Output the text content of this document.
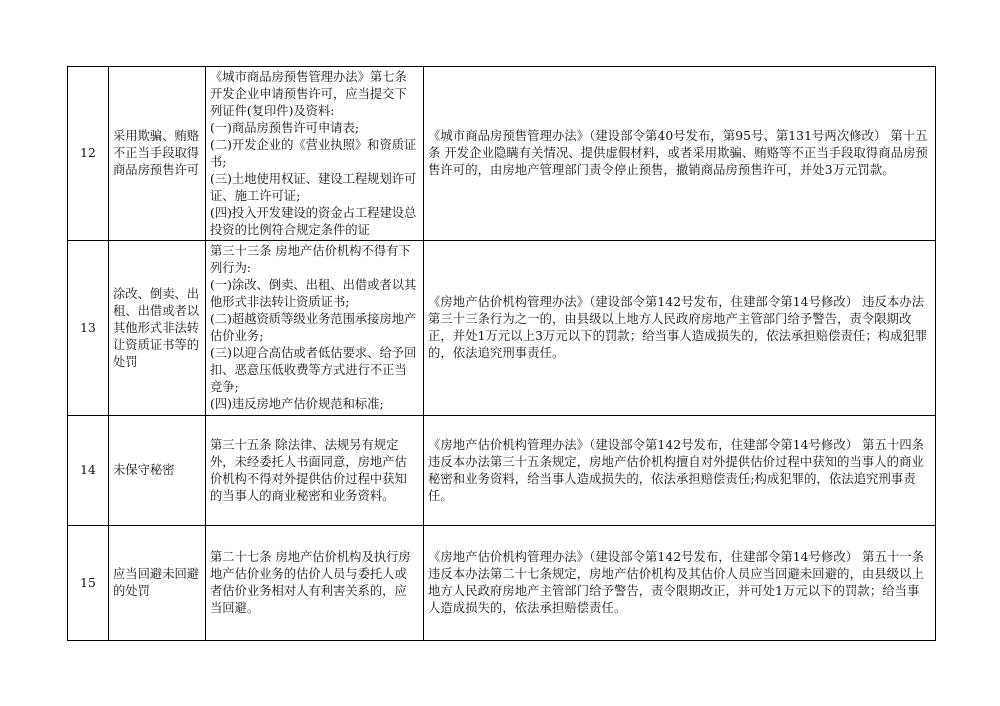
12	采用欺骗、贿赂不正当手段取得商品房预售许可	《城市商品房预售管理办法》第七条 开发企业申请预售许可，应当提交下列证件(复印件)及资料:
(一)商品房预售许可申请表;
(二)开发企业的《营业执照》和资质证书;
(三)土地使用权证、建设工程规划许可证、施工许可证;
(四)投入开发建设的资金占工程建设总投资的比例符合规定条件的证	《城市商品房预售管理办法》（建设部令第40号发布，第95号、第131号两次修改） 第十五条 开发企业隐瞒有关情况、提供虚假材料，或者采用欺骗、贿赂等不正当手段取得商品房预售许可的，由房地产管理部门责令停止预售，撤销商品房预售许可，并处3万元罚款。
13	涂改、倒卖、出租、出借或者以其他形式非法转让资质证书等的处罚	第三十三条 房地产估价机构不得有下列行为:
(一)涂改、倒卖、出租、出借或者以其他形式非法转让资质证书;
(二)超越资质等级业务范围承接房地产估价业务;
(三)以迎合高估或者低估要求、给予回扣、恶意压低收费等方式进行不正当竞争;
(四)违反房地产估价规范和标准;	《房地产估价机构管理办法》（建设部令第142号发布，住建部令第14号修改） 违反本办法第三十三条行为之一的，由县级以上地方人民政府房地产主管部门给予警告，责令限期改正，并处1万元以上3万元以下的罚款；给当事人造成损失的，依法承担赔偿责任；构成犯罪的，依法追究刑事责任。
14	未保守秘密	第三十五条 除法律、法规另有规定外，未经委托人书面同意，房地产估价机构不得对外提供估价过程中获知的当事人的商业秘密和业务资料。	《房地产估价机构管理办法》（建设部令第142号发布，住建部令第14号修改） 第五十四条 违反本办法第三十五条规定，房地产估价机构擅自对外提供估价过程中获知的当事人的商业秘密和业务资料，给当事人造成损失的，依法承担赔偿责任;构成犯罪的，依法追究刑事责任。
15	应当回避未回避的处罚	第二十七条 房地产估价机构及执行房地产估价业务的估价人员与委托人或者估价业务相对人有利害关系的，应当回避。	《房地产估价机构管理办法》（建设部令第142号发布，住建部令第14号修改） 第五十一条 违反本办法第二十七条规定，房地产估价机构及其估价人员应当回避未回避的，由县级以上地方人民政府房地产主管部门给予警告，责令限期改正，并可处1万元以下的罚款；给当事人造成损失的，依法承担赔偿责任。
